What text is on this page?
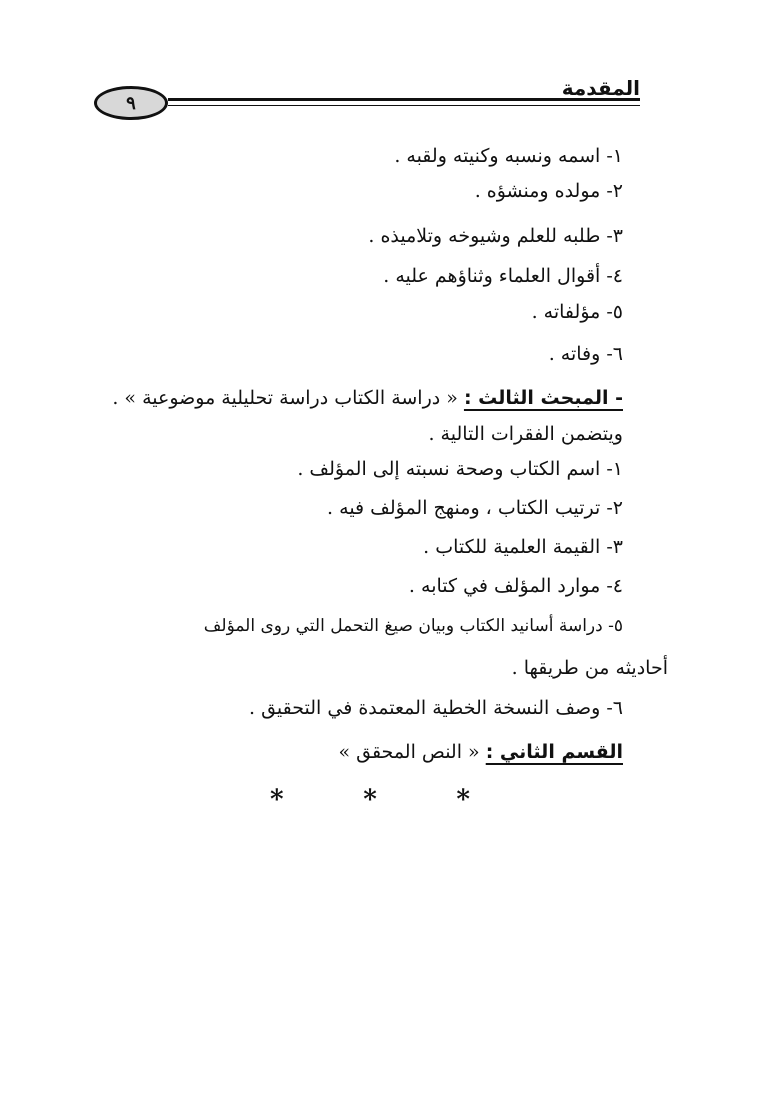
٩
المقدمة
١- اسمه ونسبه وكنيته ولقبه .
٢- مولده ومنشؤه .
٣- طلبه للعلم وشيوخه وتلاميذه .
٤- أقوال العلماء وثناؤهم عليه .
٥- مؤلفاته .
٦- وفاته .
- المبحث الثالث : « دراسة الكتاب دراسة تحليلية موضوعية » .
ويتضمن الفقرات التالية .
١- اسم الكتاب وصحة نسبته إلى المؤلف .
٢- ترتيب الكتاب ، ومنهج المؤلف فيه .
٣- القيمة العلمية للكتاب .
٤- موارد المؤلف في كتابه .
٥- دراسة أسانيد الكتاب وبيان صيغ التحمل التي روى المؤلف
أحاديثه من طريقها .
٦- وصف النسخة الخطية المعتمدة في التحقيق .
القسم الثاني : « النص المحقق »
*	*	*
